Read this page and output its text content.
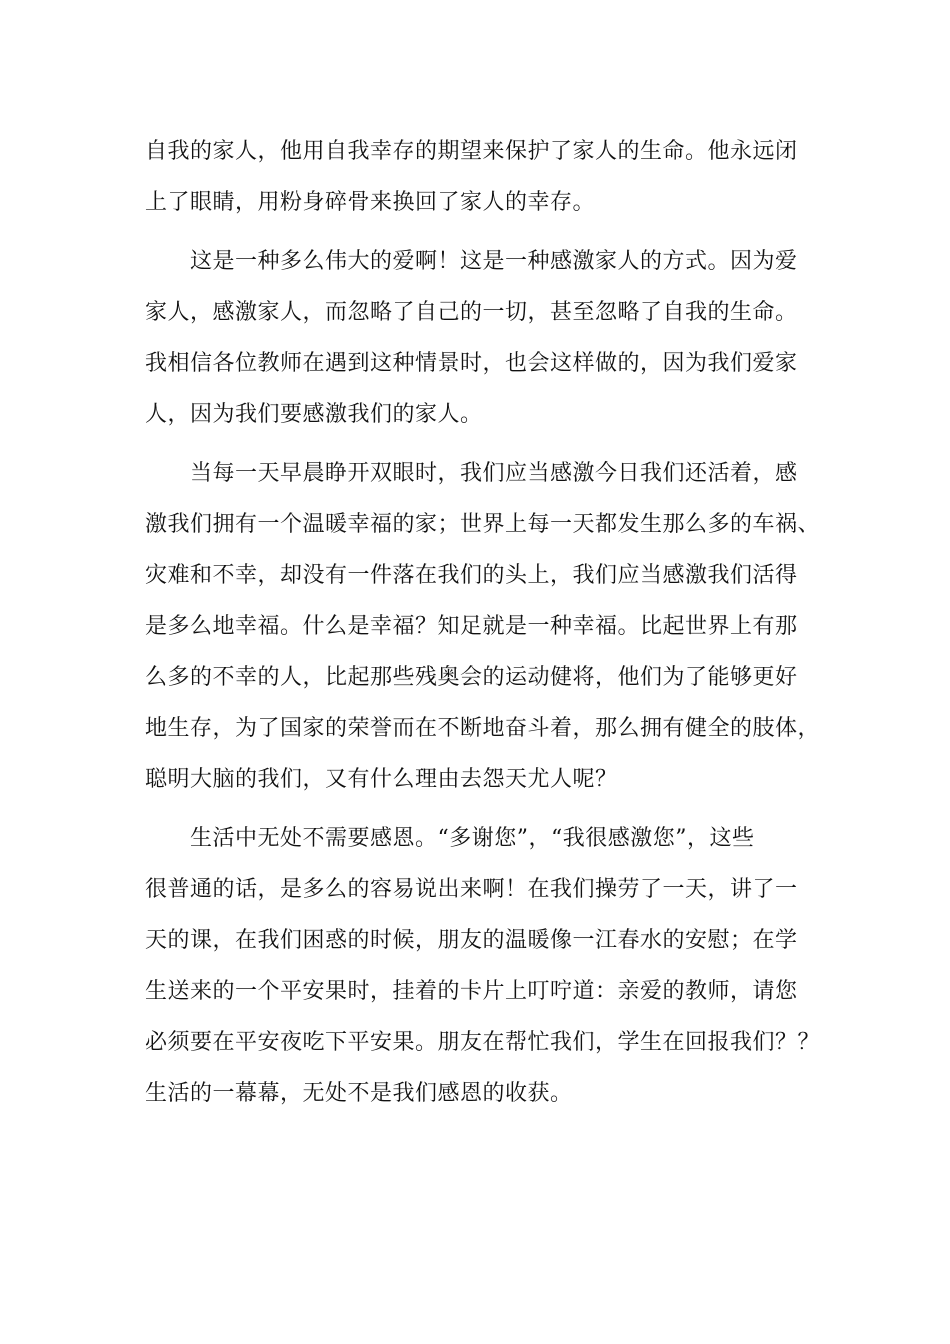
自我的家人，他用自我幸存的期望来保护了家人的生命。他永远闭
上了眼睛，用粉身碎骨来换回了家人的幸存。

这是一种多么伟大的爱啊！这是一种感激家人的方式。因为爱
家人，感激家人，而忽略了自己的一切，甚至忽略了自我的生命。
我相信各位教师在遇到这种情景时，也会这样做的，因为我们爱家
人，因为我们要感激我们的家人。

当每一天早晨睁开双眼时，我们应当感激今日我们还活着，感
激我们拥有一个温暖幸福的家；世界上每一天都发生那么多的车祸、
灾难和不幸，却没有一件落在我们的头上，我们应当感激我们活得
是多么地幸福。什么是幸福？知足就是一种幸福。比起世界上有那
么多的不幸的人，比起那些残奥会的运动健将，他们为了能够更好
地生存，为了国家的荣誉而在不断地奋斗着，那么拥有健全的肢体，
聪明大脑的我们，又有什么理由去怨天尤人呢？

生活中无处不需要感恩。“多谢您”，“我很感激您”，这些
很普通的话，是多么的容易说出来啊！在我们操劳了一天，讲了一
天的课，在我们困惑的时候，朋友的温暖像一江春水的安慰；在学
生送来的一个平安果时，挂着的卡片上叮咛道：亲爱的教师，请您
必须要在平安夜吃下平安果。朋友在帮忙我们，学生在回报我们？？
生活的一幕幕，无处不是我们感恩的收获。
